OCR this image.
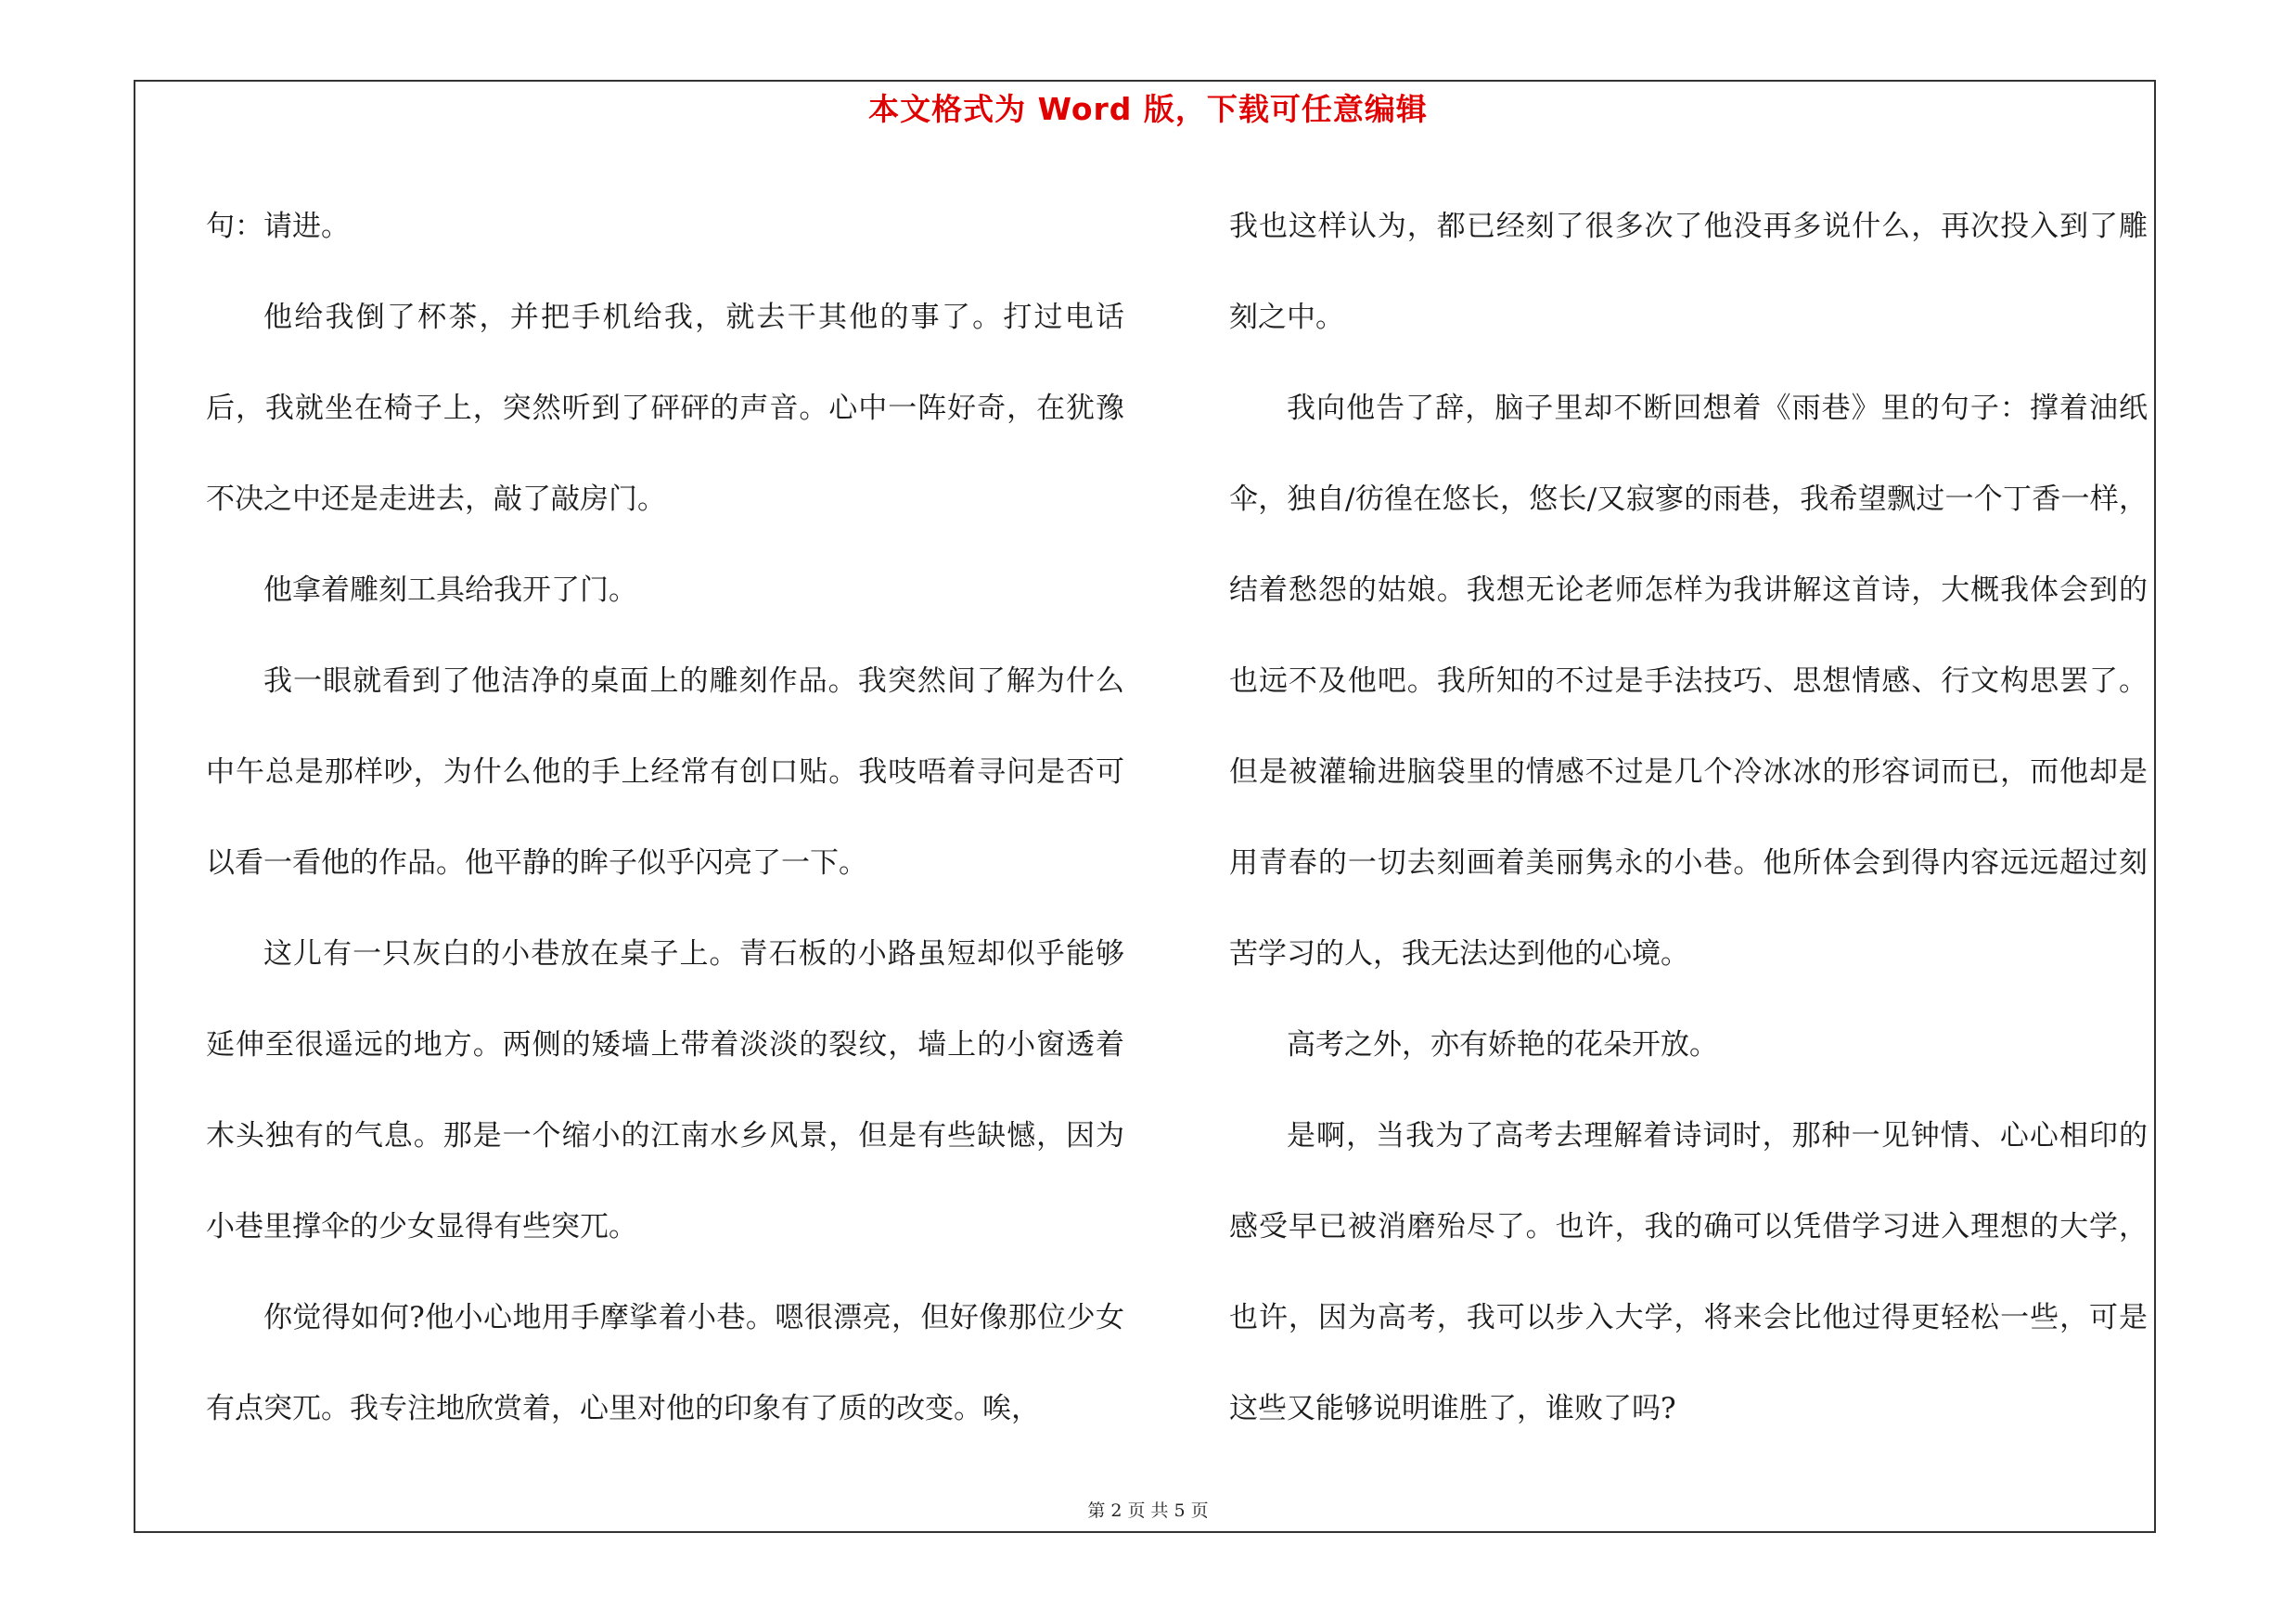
本文格式为 Word 版，下载可任意编辑

句：请进。

他给我倒了杯茶，并把手机给我，就去干其他的事了。打过电话后，我就坐在椅子上，突然听到了砰砰的声音。心中一阵好奇，在犹豫不决之中还是走进去，敲了敲房门。

他拿着雕刻工具给我开了门。

我一眼就看到了他洁净的桌面上的雕刻作品。我突然间了解为什么中午总是那样吵，为什么他的手上经常有创口贴。我吱唔着寻问是否可以看一看他的作品。他平静的眸子似乎闪亮了一下。

这儿有一只灰白的小巷放在桌子上。青石板的小路虽短却似乎能够延伸至很遥远的地方。两侧的矮墙上带着淡淡的裂纹，墙上的小窗透着木头独有的气息。那是一个缩小的江南水乡风景，但是有些缺憾，因为小巷里撑伞的少女显得有些突兀。

你觉得如何?他小心地用手摩挲着小巷。嗯很漂亮，但好像那位少女有点突兀。我专注地欣赏着，心里对他的印象有了质的改变。唉，

我也这样认为，都已经刻了很多次了他没再多说什么，再次投入到了雕刻之中。

我向他告了辞，脑子里却不断回想着《雨巷》里的句子：撑着油纸伞，独自/彷徨在悠长，悠长/又寂寥的雨巷，我希望飘过一个丁香一样，结着愁怨的姑娘。我想无论老师怎样为我讲解这首诗，大概我体会到的也远不及他吧。我所知的不过是手法技巧、思想情感、行文构思罢了。但是被灌输进脑袋里的情感不过是几个冷冰冰的形容词而已，而他却是用青春的一切去刻画着美丽隽永的小巷。他所体会到得内容远远超过刻苦学习的人，我无法达到他的心境。

高考之外，亦有娇艳的花朵开放。

是啊，当我为了高考去理解着诗词时，那种一见钟情、心心相印的感受早已被消磨殆尽了。也许，我的确可以凭借学习进入理想的大学，也许，因为高考，我可以步入大学，将来会比他过得更轻松一些，可是这些又能够说明谁胜了，谁败了吗?

第 2 页 共 5 页
